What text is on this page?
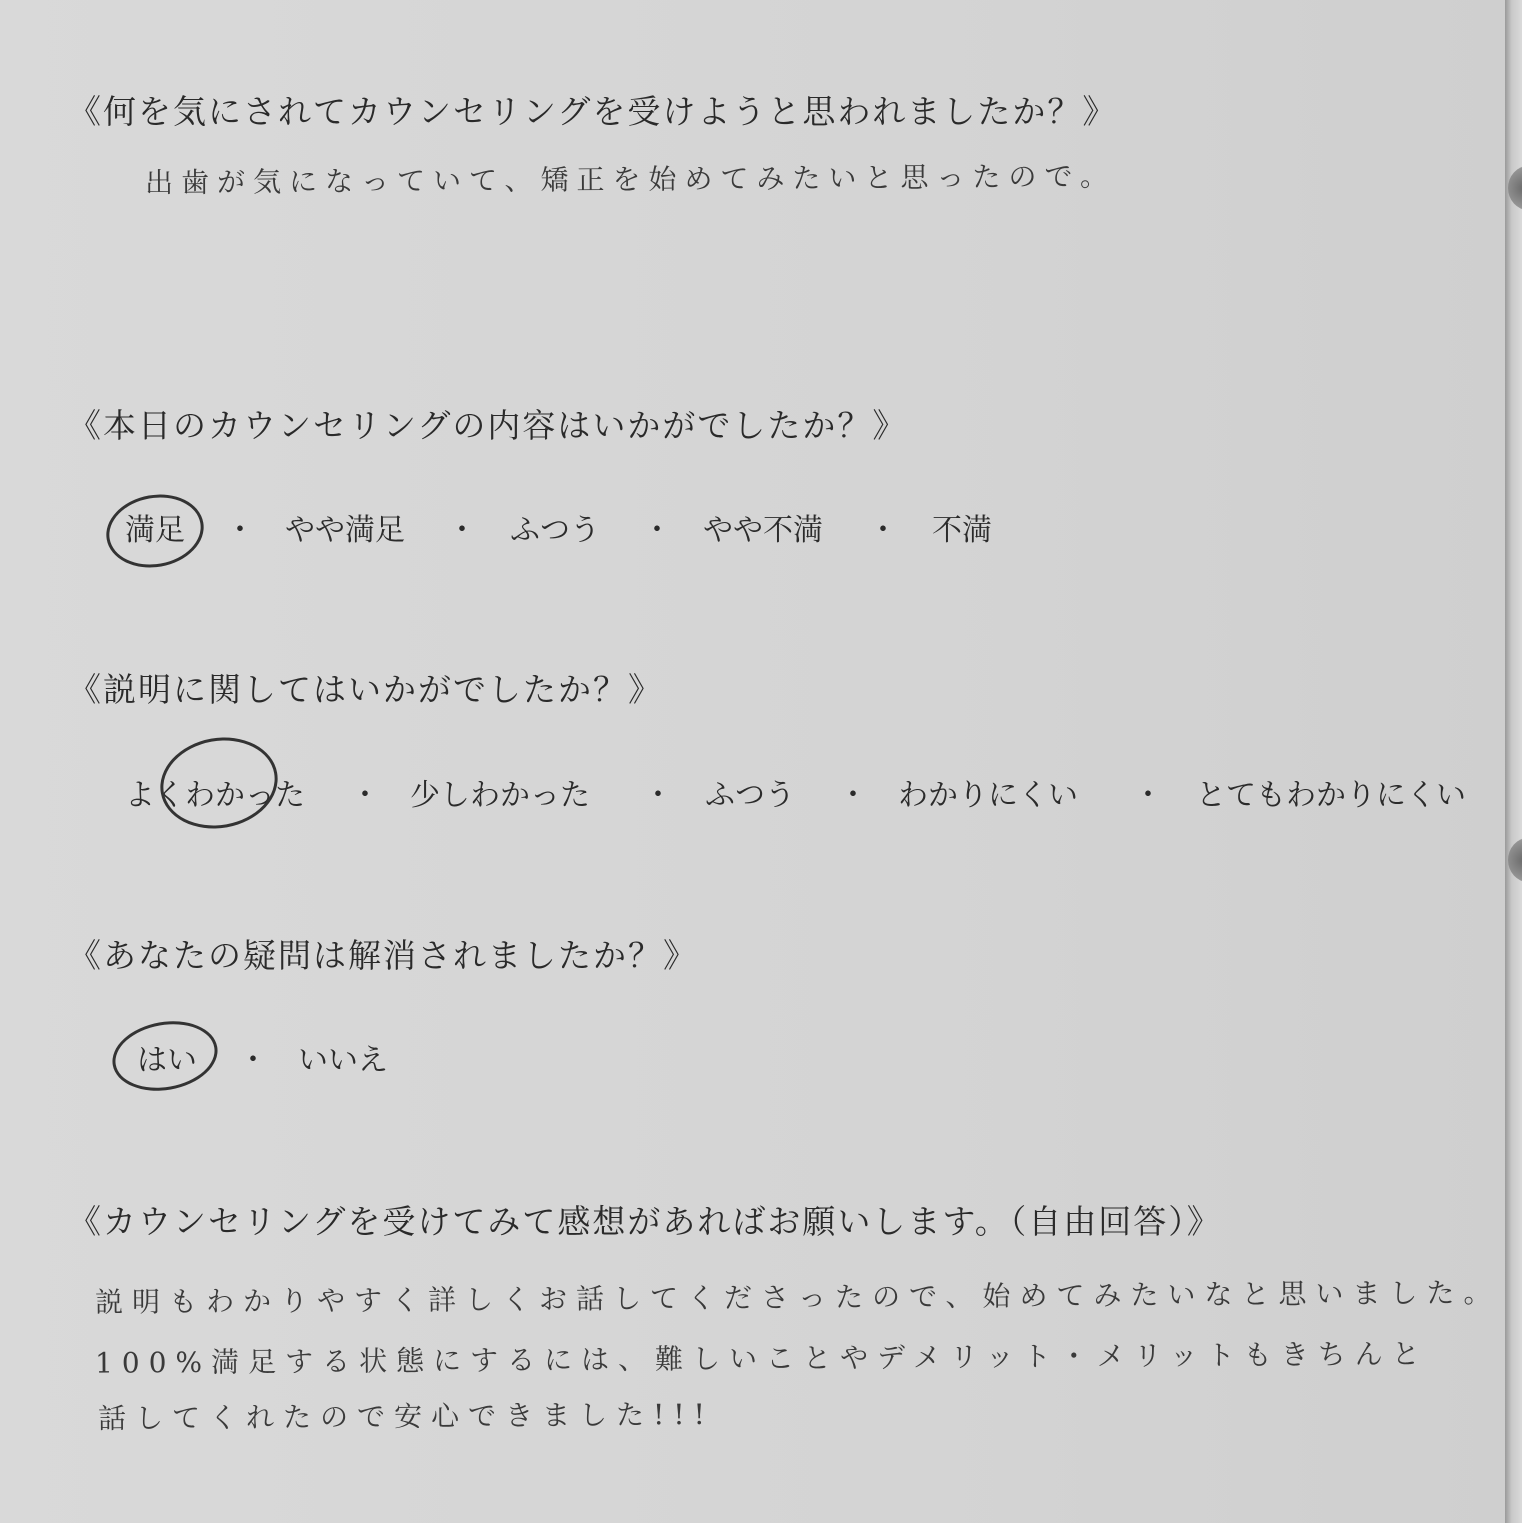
《何を気にされてカウンセリングを受けようと思われましたか？》
出歯が気になっていて、矯正を始めてみたいと思ったので。
《本日のカウンセリングの内容はいかがでしたか？》
満足 ・ やや満足 ・ ふつう ・ やや不満 ・ 不満
《説明に関してはいかがでしたか？》
よくわかった ・ 少しわかった ・ ふつう ・ わかりにくい ・ とてもわかりにくい
《あなたの疑問は解消されましたか？》
はい ・ いいえ
《カウンセリングを受けてみて感想があればお願いします。（自由回答）》
説明もわかりやすく詳しくお話してくださったので、始めてみたいなと思いました。
100%満足する状態にするには、難しいことやデメリット・メリットもきちんと
話してくれたので安心できました!!!
